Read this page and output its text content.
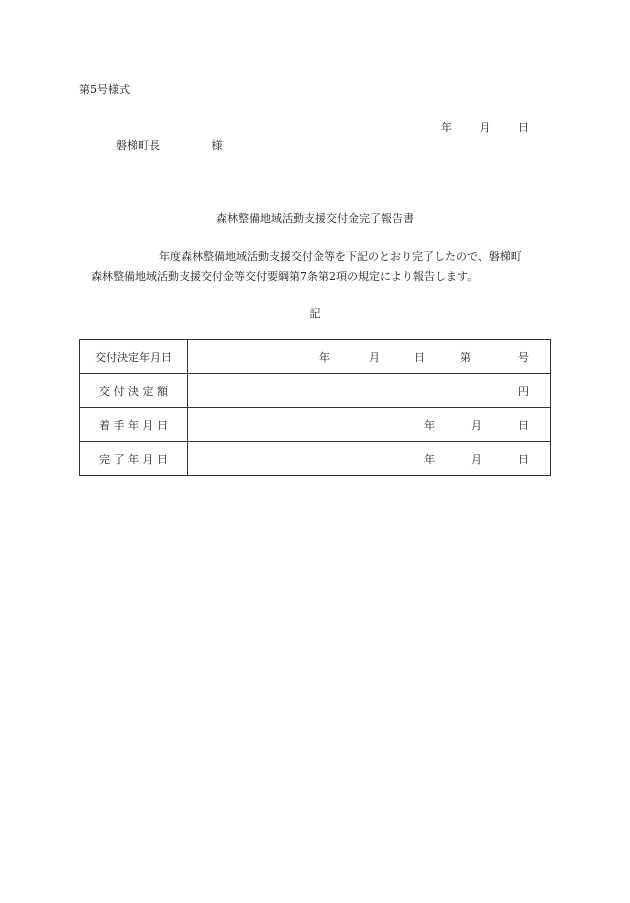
第5号様式
年	月	日
磐梯町長	様
森林整備地域活動支援交付金完了報告書
年度森林整備地域活動支援交付金等を下記のとおり完了したので、磐梯町
森林整備地域活動支援交付金等交付要綱第7条第2項の規定により報告します。
記
交付決定年月日	年 月 日 第 号

交 付 決 定 額	円

着 手 年 月 日	年 月 日

完 了 年 月 日	年 月 日
